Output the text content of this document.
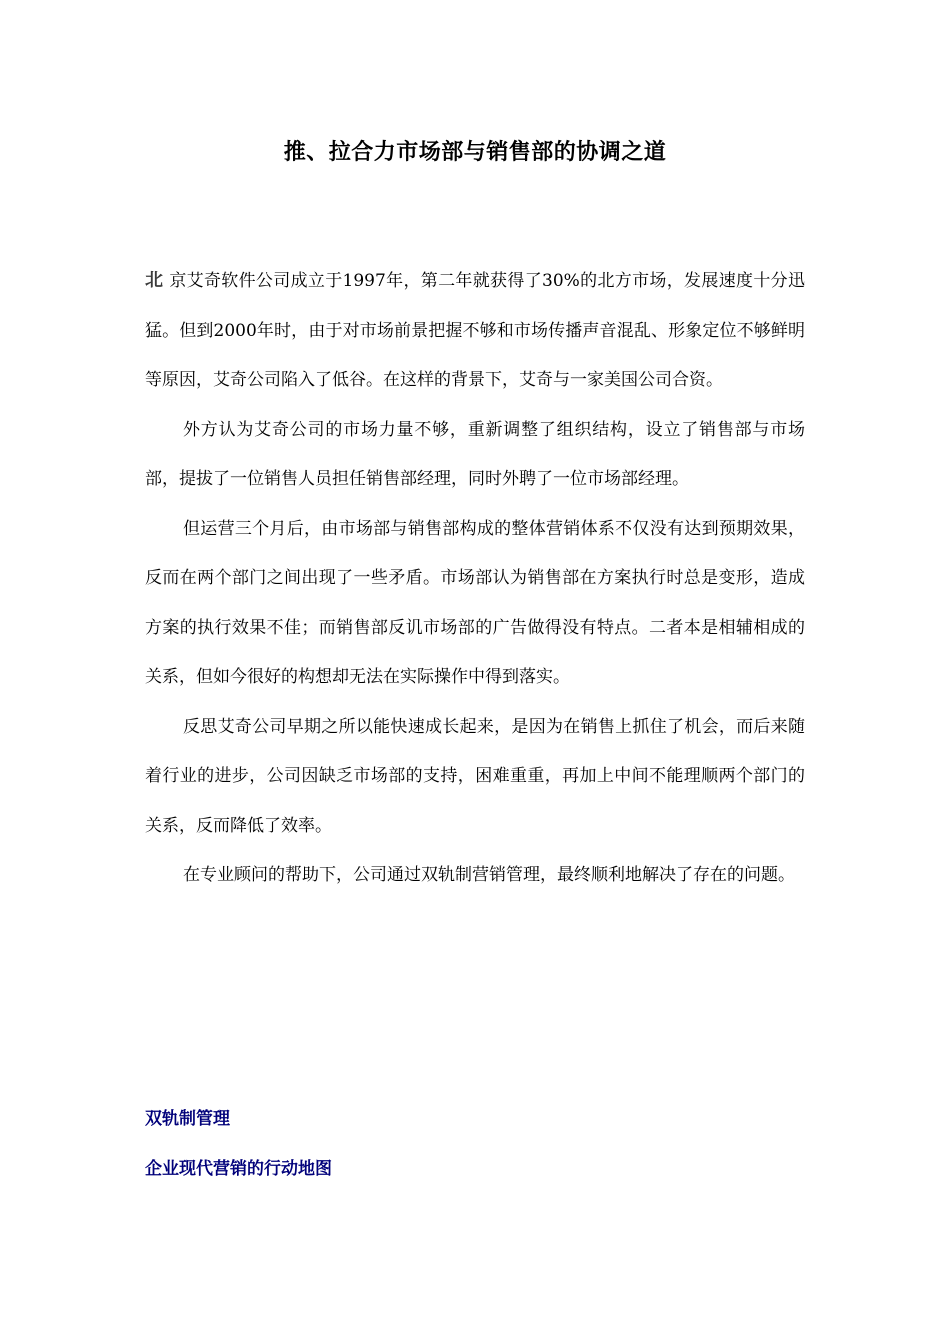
推、拉合力市场部与销售部的协调之道

北 京艾奇软件公司成立于1997年，第二年就获得了30%的北方市场，发展速度十分迅猛。但到2000年时，由于对市场前景把握不够和市场传播声音混乱、形象定位不够鲜明等原因，艾奇公司陷入了低谷。在这样的背景下，艾奇与一家美国公司合资。

外方认为艾奇公司的市场力量不够，重新调整了组织结构，设立了销售部与市场部，提拔了一位销售人员担任销售部经理，同时外聘了一位市场部经理。

但运营三个月后，由市场部与销售部构成的整体营销体系不仅没有达到预期效果，反而在两个部门之间出现了一些矛盾。市场部认为销售部在方案执行时总是变形，造成方案的执行效果不佳；而销售部反讥市场部的广告做得没有特点。二者本是相辅相成的关系，但如今很好的构想却无法在实际操作中得到落实。

反思艾奇公司早期之所以能快速成长起来，是因为在销售上抓住了机会，而后来随着行业的进步，公司因缺乏市场部的支持，困难重重，再加上中间不能理顺两个部门的关系，反而降低了效率。

在专业顾问的帮助下，公司通过双轨制营销管理，最终顺利地解决了存在的问题。

双轨制管理
企业现代营销的行动地图
